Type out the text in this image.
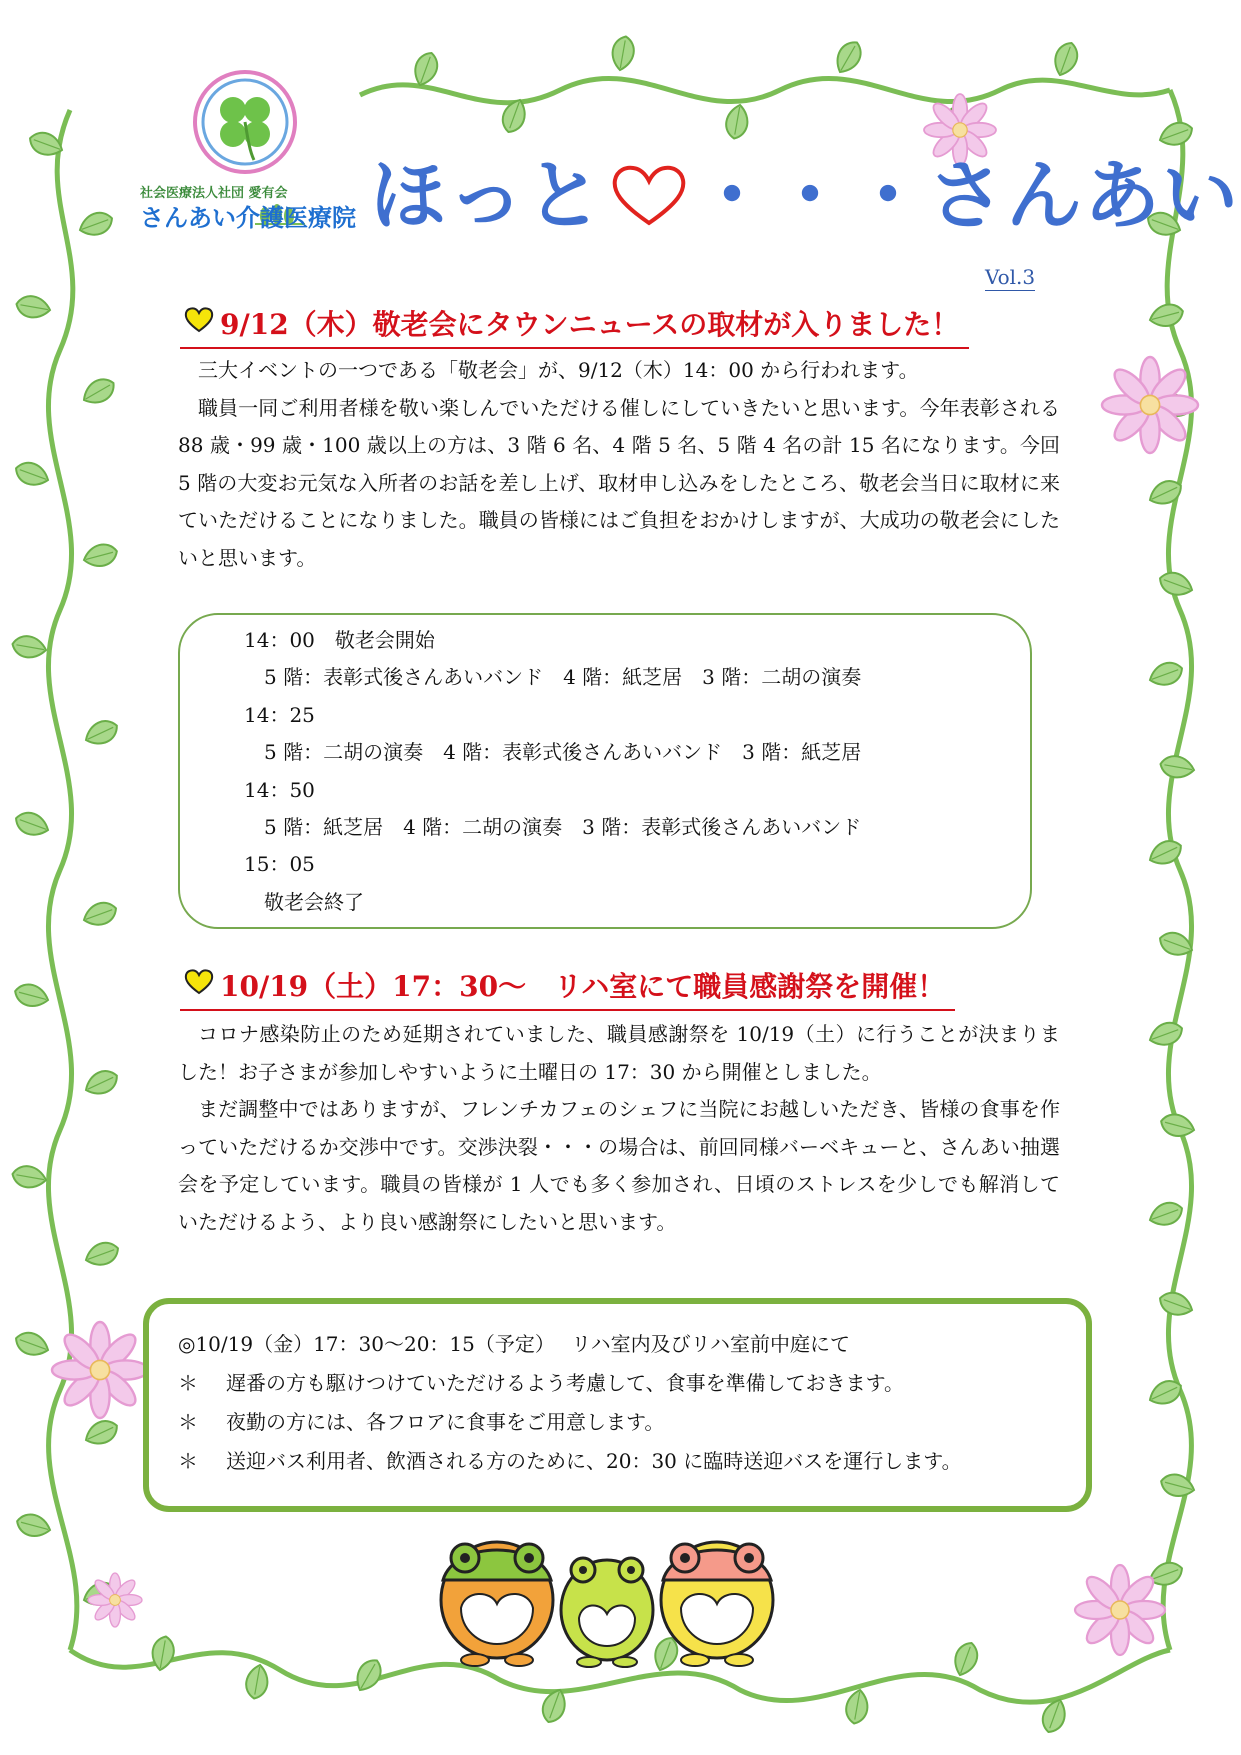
社会医療法人社団 愛有会
さんあい介護医療院 ほっと ・・・さんあい
Vol.3
9/12（木）敬老会にタウンニュースの取材が入りました！

三大イベントの一つである「敬老会」が、9/12（木）14：00 から行われます。

職員一同ご利用者様を敬い楽しんでいただける催しにしていきたいと思います。今年表彰される 88 歳・99 歳・100 歳以上の方は、3 階 6 名、4 階 5 名、5 階 4 名の計 15 名になります。今回 5 階の大変お元気な入所者のお話を差し上げ、取材申し込みをしたところ、敬老会当日に取材に来ていただけることになりました。職員の皆様にはご負担をおかけしますが、大成功の敬老会にしたいと思います。

14：00　敬老会開始
5 階：表彰式後さんあいバンド　4 階：紙芝居　3 階：二胡の演奏
14：25
5 階：二胡の演奏　4 階：表彰式後さんあいバンド　3 階：紙芝居
14：50
5 階：紙芝居　4 階：二胡の演奏　3 階：表彰式後さんあいバンド
15：05
敬老会終了
10/19（土）17：30～　リハ室にて職員感謝祭を開催！

コロナ感染防止のため延期されていました、職員感謝祭を 10/19（土）に行うことが決まりました！お子さまが参加しやすいように土曜日の 17：30 から開催としました。

まだ調整中ではありますが、フレンチカフェのシェフに当院にお越しいただき、皆様の食事を作っていただけるか交渉中です。交渉決裂・・・の場合は、前回同様バーベキューと、さんあい抽選会を予定しています。職員の皆様が 1 人でも多く参加され、日頃のストレスを少しでも解消していただけるよう、より良い感謝祭にしたいと思います。

◎10/19（金）17：30～20：15（予定）　 リハ室内及びリハ室前中庭にて
＊ 遅番の方も駆けつけていただけるよう考慮して、食事を準備しておきます。
＊ 夜勤の方には、各フロアに食事をご用意します。
＊ 送迎バス利用者、飲酒される方のために、20：30 に臨時送迎バスを運行します。
